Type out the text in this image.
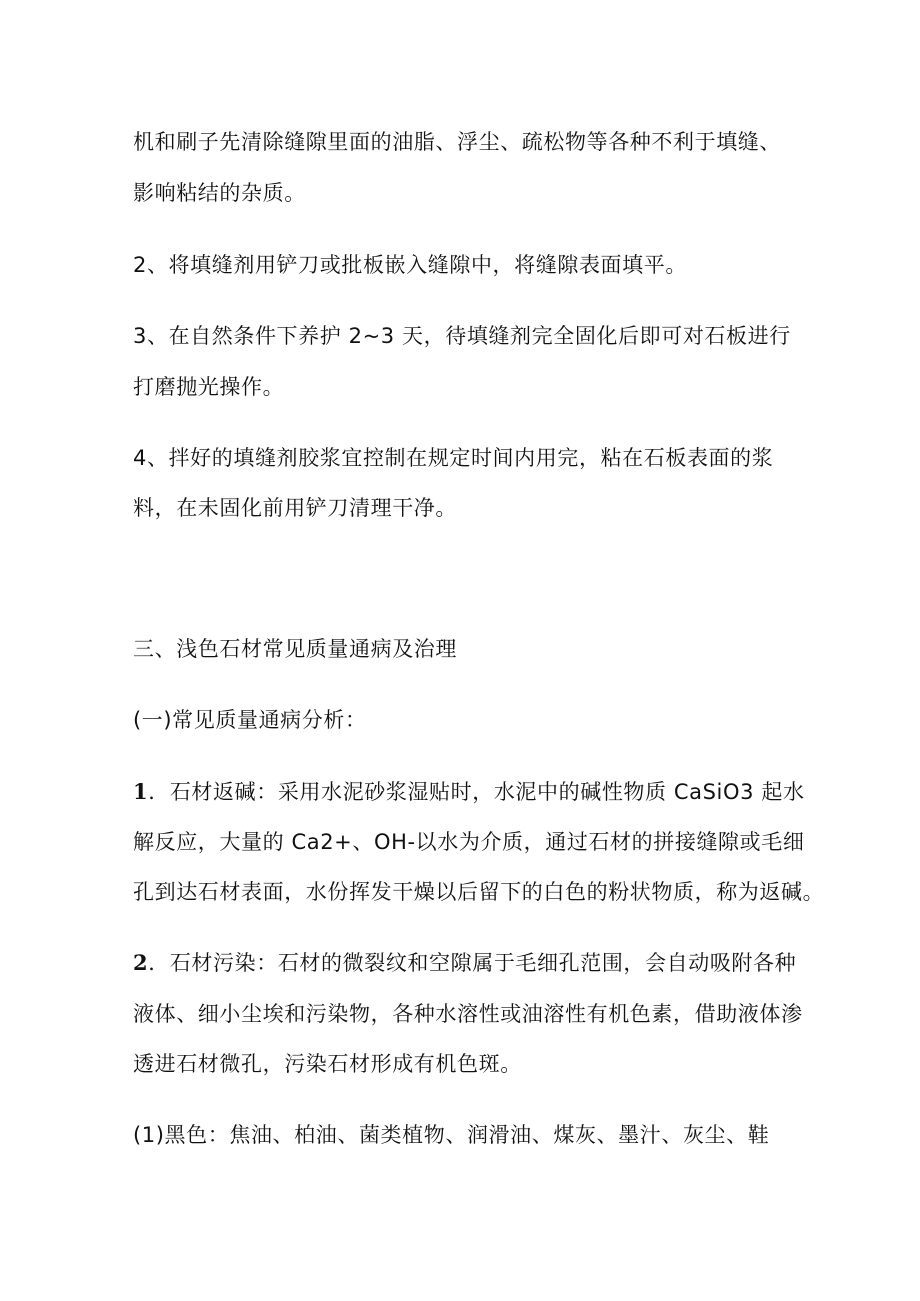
机和刷子先清除缝隙里面的油脂、浮尘、疏松物等各种不利于填缝、
影响粘结的杂质。
2、将填缝剂用铲刀或批板嵌入缝隙中，将缝隙表面填平。
3、在自然条件下养护 2~3 天，待填缝剂完全固化后即可对石板进行
打磨抛光操作。
4、拌好的填缝剂胶浆宜控制在规定时间内用完，粘在石板表面的浆
料，在未固化前用铲刀清理干净。
三、浅色石材常见质量通病及治理
(一)常见质量通病分析：
1．石材返碱：采用水泥砂浆湿贴时，水泥中的碱性物质 CaSiO3 起水
解反应，大量的 Ca2+、OH-以水为介质，通过石材的拼接缝隙或毛细
孔到达石材表面，水份挥发干燥以后留下的白色的粉状物质，称为返碱。
2．石材污染：石材的微裂纹和空隙属于毛细孔范围，会自动吸附各种
液体、细小尘埃和污染物，各种水溶性或油溶性有机色素，借助液体渗
透进石材微孔，污染石材形成有机色斑。
(1)黑色：焦油、柏油、菌类植物、润滑油、煤灰、墨汁、灰尘、鞋
